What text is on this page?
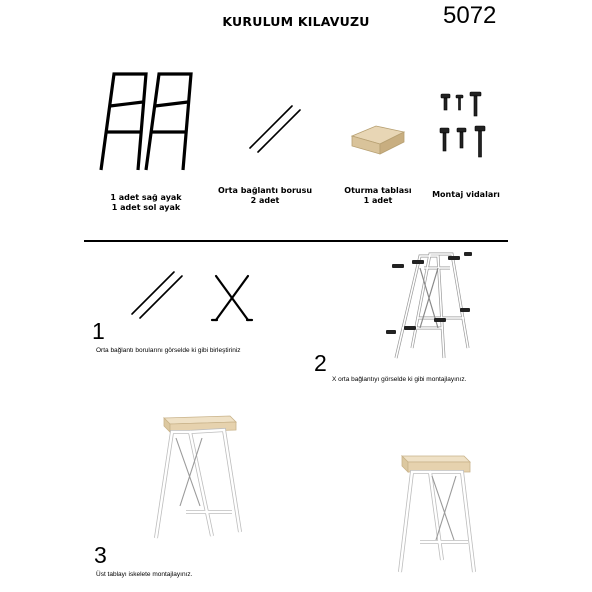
KURULUM KILAVUZU	5072
1 adet sağ ayak
1 adet sol ayak
Orta bağlantı borusu
2 adet
Oturma tablası
1 adet
Montaj vidaları
1
Orta bağlantı borularını görselde ki gibi birleştiriniz	2
X orta bağlantıyı görselde ki gibi montajlayınız.
3
Üst tablayı iskelete montajlayınız.
